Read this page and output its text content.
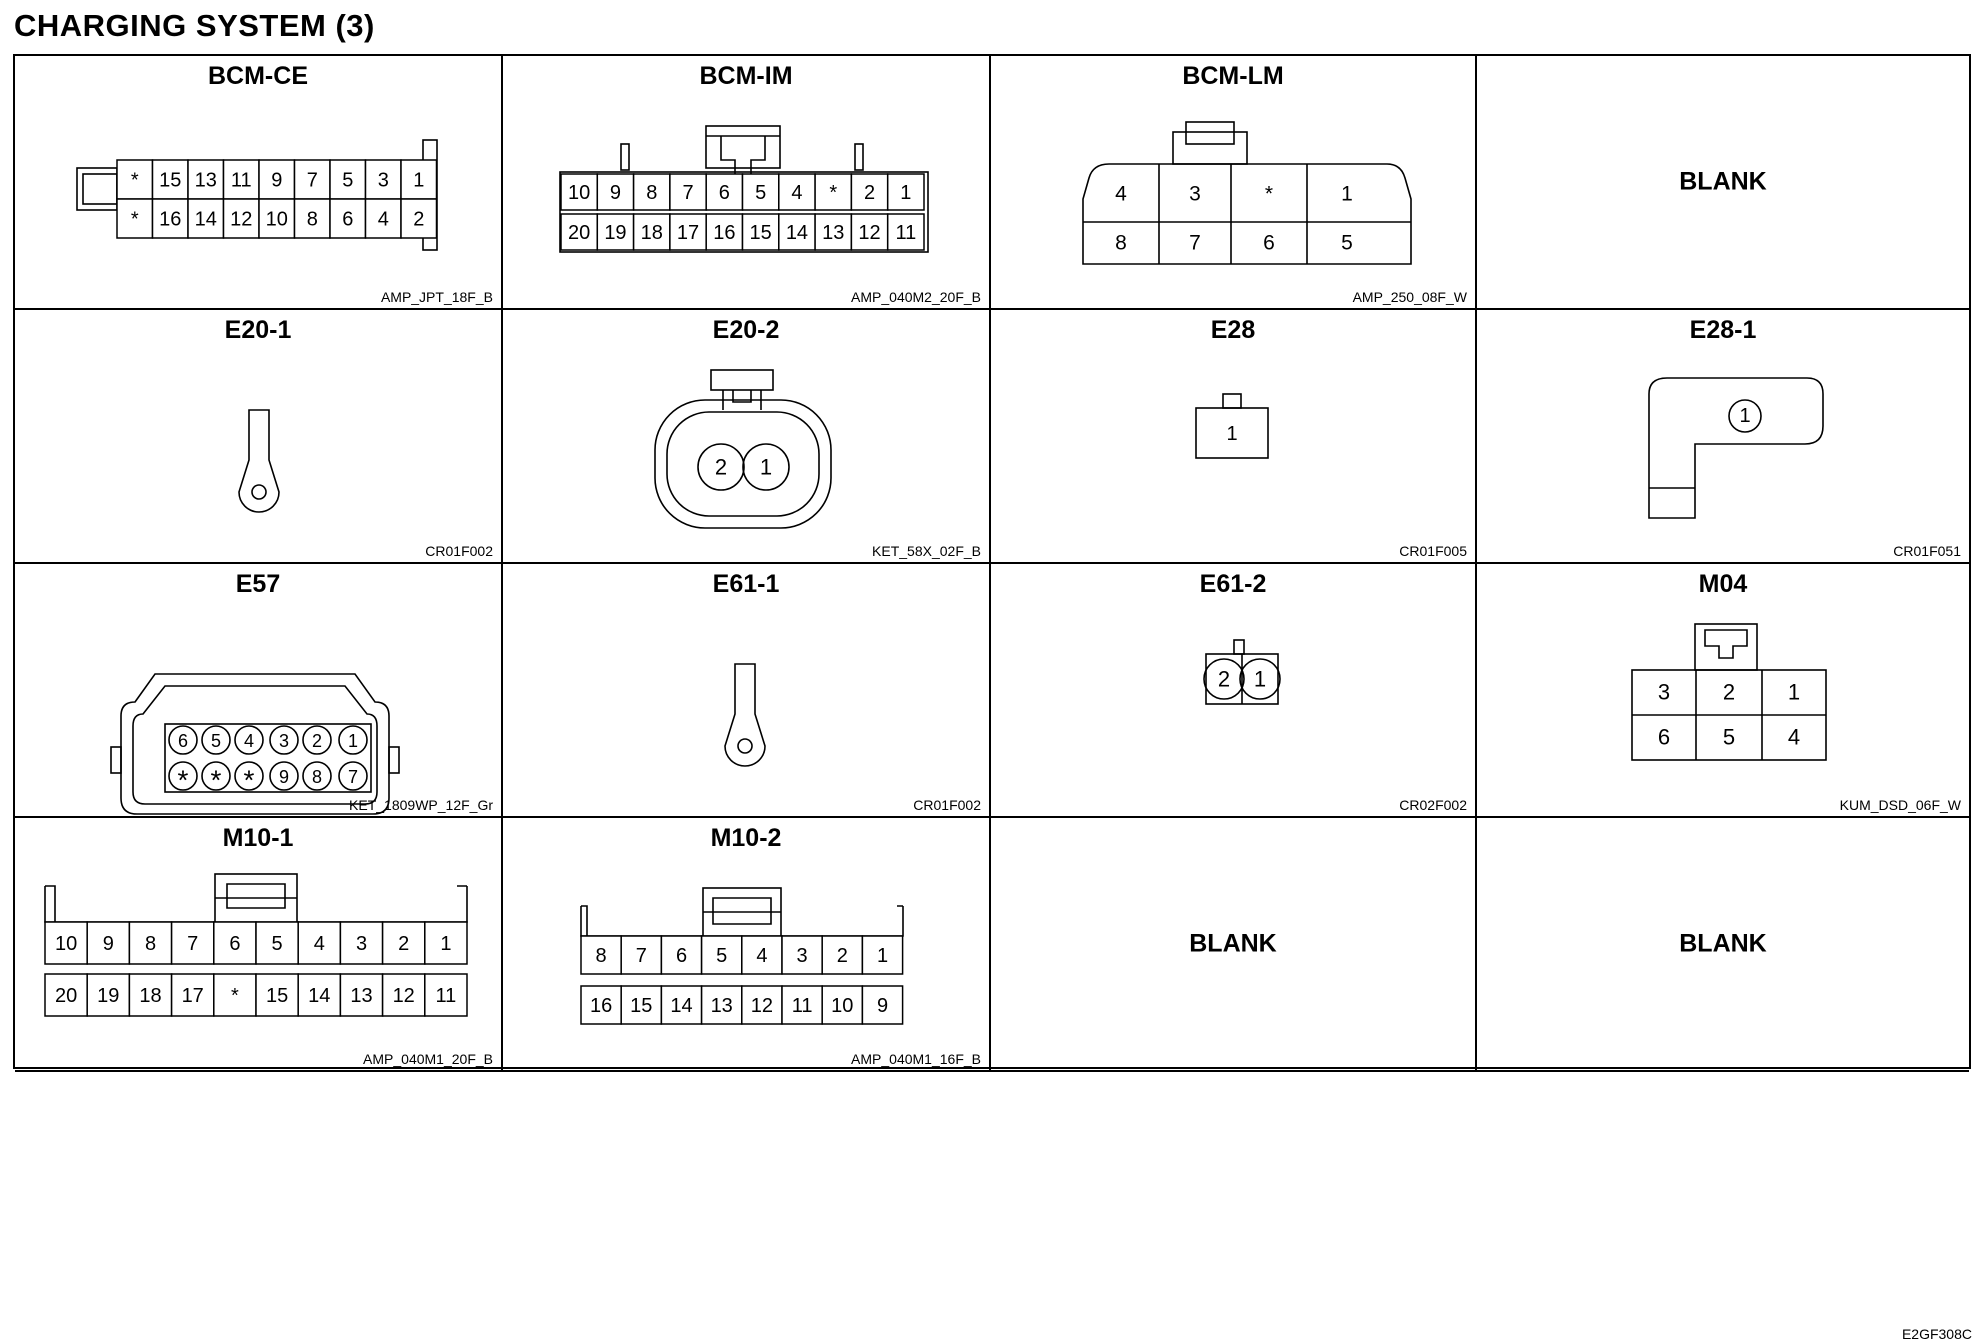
CHARGING SYSTEM (3)
* 15 13 11 9 7 5 3 1
* 16 14 12 10 8 6 4 2
BCM-CE
AMP_JPT_18F_B
10 9 8 7 6 5 4 * 2 1
20 19 18 17 16 15 14 13 12 11
BCM-IM
AMP_040M2_20F_B
4	3	*	1
8	7	6	5
BCM-LM
AMP_250_08F_W
BLANK
E20-1
CR01F002
2 1
E20-2
KET_58X_02F_B
1
E28
CR01F005
1
E28-1
CR01F051
6 5 4 3 2 1
* * * 9 8 7
E57
KET_1809WP_12F_Gr
E61-1
CR01F002
2 1
E61-2
CR02F002
3 2 1
6 5 4
M04
KUM_DSD_06F_W
10 9 8 7 6 5 4 3 2 1
20 19 18 17 * 15 14 13 12 11
M10-1
AMP_040M1_20F_B
8 7 6 5 4 3 2 1
16 15 14 13 12 11 10 9
M10-2
AMP_040M1_16F_B
BLANK	BLANK
E2GF308C
